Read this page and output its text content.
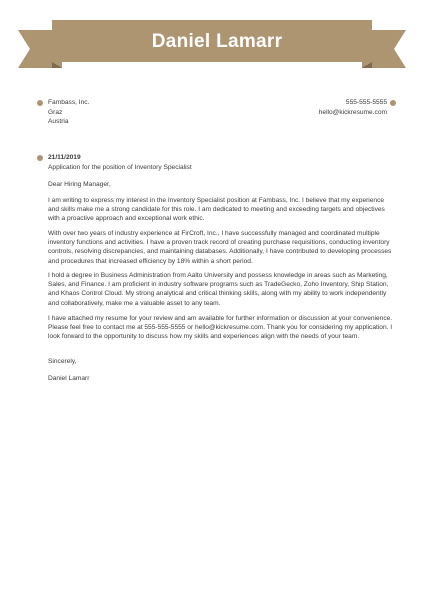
Daniel Lamarr
Fambass, Inc.
Graz
Austria
555-555-5555
hello@kickresume.com
21/11/2019
Application for the position of Inventory Specialist
Dear Hiring Manager,
I am writing to express my interest in the Inventory Specialist position at Fambass, Inc. I believe that my experience and skills make me a strong candidate for this role. I am dedicated to meeting and exceeding targets and objectives with a proactive approach and exceptional work ethic.
With over two years of industry experience at FirCroft, Inc., I have successfully managed and coordinated multiple inventory functions and activities. I have a proven track record of creating purchase requisitions, conducting inventory controls, resolving discrepancies, and maintaining databases. Additionally, I have contributed to developing processes and procedures that increased efficiency by 18% within a short period.
I hold a degree in Business Administration from Aalto University and possess knowledge in areas such as Marketing, Sales, and Finance. I am proficient in industry software programs such as TradeGecko, Zoho Inventory, Ship Station, and Khaos Control Cloud. My strong analytical and critical thinking skills, along with my ability to work independently and collaboratively, make me a valuable asset to any team.
I have attached my resume for your review and am available for further information or discussion at your convenience. Please feel free to contact me at 555-555-5555 or hello@kickresume.com. Thank you for considering my application. I look forward to the opportunity to discuss how my skills and experiences align with the needs of your team.
Sincerely,
Daniel Lamarr
